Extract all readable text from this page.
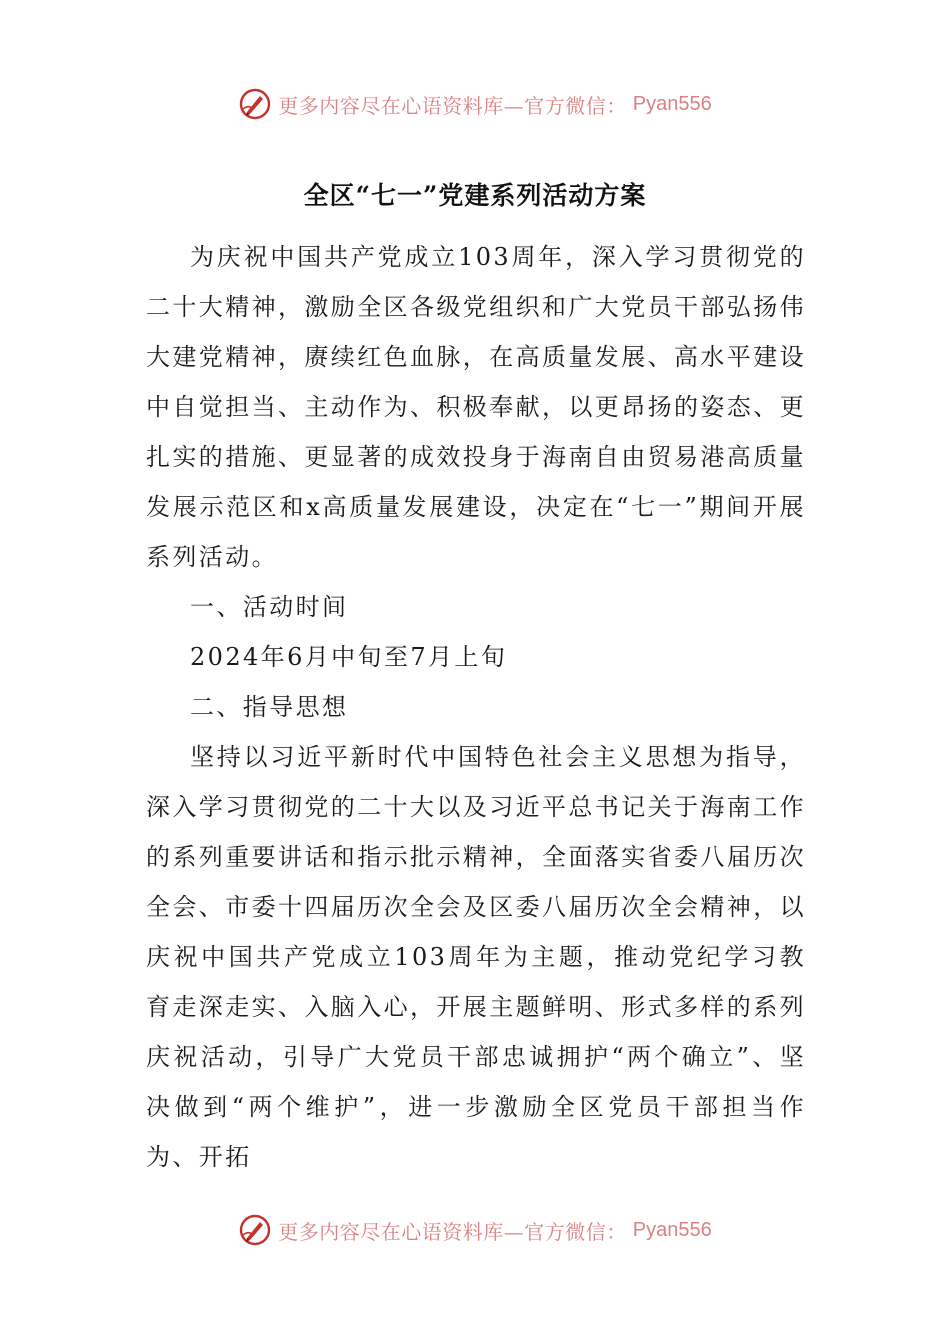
更多内容尽在心语资料库—官方微信： Pyan556
全区“七一”党建系列活动方案

为庆祝中国共产党成立103周年，深入学习贯彻党的二十大精神，激励全区各级党组织和广大党员干部弘扬伟大建党精神，赓续红色血脉，在高质量发展、高水平建设中自觉担当、主动作为、积极奉献，以更昂扬的姿态、更扎实的措施、更显著的成效投身于海南自由贸易港高质量发展示范区和x高质量发展建设，决定在“七一”期间开展系列活动。

一、活动时间

2024年6月中旬至7月上旬

二、指导思想

坚持以习近平新时代中国特色社会主义思想为指导，深入学习贯彻党的二十大以及习近平总书记关于海南工作的系列重要讲话和指示批示精神，全面落实省委八届历次全会、市委十四届历次全会及区委八届历次全会精神，以庆祝中国共产党成立103周年为主题，推动党纪学习教育走深走实、入脑入心，开展主题鲜明、形式多样的系列庆祝活动，引导广大党员干部忠诚拥护“两个确立”、坚决做到“两个维护”，进一步激励全区党员干部担当作为、开拓

更多内容尽在心语资料库—官方微信： Pyan556
